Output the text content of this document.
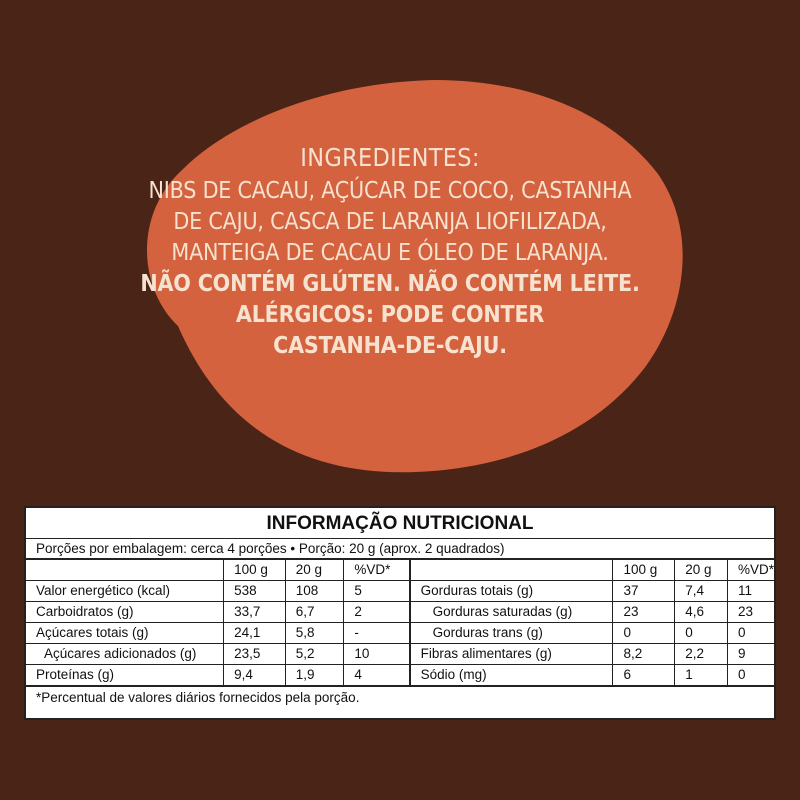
INGREDIENTES:
NIBS DE CACAU, AÇÚCAR DE COCO, CASTANHA
DE CAJU, CASCA DE LARANJA LIOFILIZADA,
MANTEIGA DE CACAU E ÓLEO DE LARANJA.
NÃO CONTÉM GLÚTEN. NÃO CONTÉM LEITE.
ALÉRGICOS: PODE CONTER
CASTANHA-DE-CAJU.
INFORMAÇÃO NUTRICIONAL
Porções por embalagem: cerca 4 porções • Porção: 20 g (aprox. 2 quadrados)
	100 g	20 g	%VD*		100 g	20 g	%VD*
Valor energético (kcal)	538	108	5	Gorduras totais (g)	37	7,4	11
Carboidratos (g)	33,7	6,7	2	Gorduras saturadas (g)	23	4,6	23
Açúcares totais (g)	24,1	5,8	-	Gorduras trans (g)	0	0	0
Açúcares adicionados (g)	23,5	5,2	10	Fibras alimentares (g)	8,2	2,2	9
Proteínas (g)	9,4	1,9	4	Sódio (mg)	6	1	0
*Percentual de valores diários fornecidos pela porção.
